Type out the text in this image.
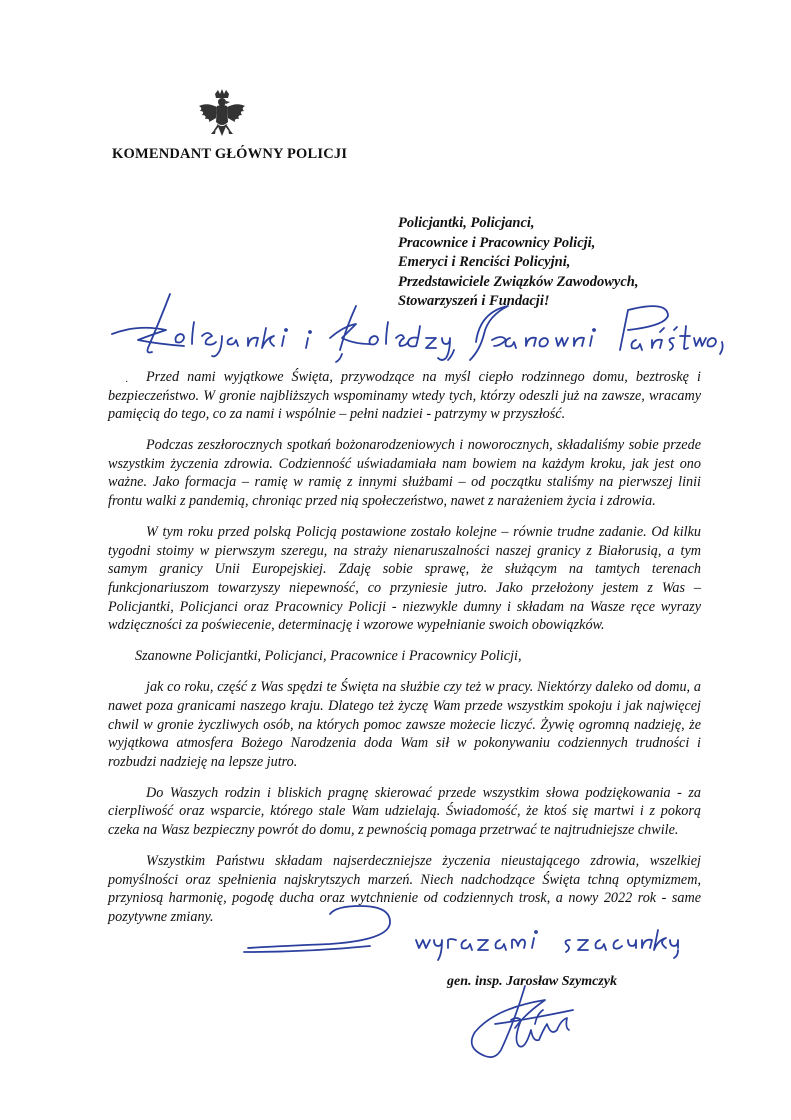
KOMENDANT GŁÓWNY POLICJI
Policjantki, Policjanci,
Pracownice i Pracownicy Policji,
Emeryci i Renciści Policyjni,
Przedstawiciele Związków Zawodowych,
Stowarzyszeń i Fundacji!
·	Przed nami wyjątkowe Święta, przywodzące na myśl ciepło rodzinnego domu, beztroskę i bezpieczeństwo. W gronie najbliższych wspominamy wtedy tych, którzy odeszli już na zawsze, wracamy pamięcią do tego, co za nami i wspólnie – pełni nadziei - patrzymy w przyszłość.

Podczas zeszłorocznych spotkań bożonarodzeniowych i noworocznych, składaliśmy sobie przede wszystkim życzenia zdrowia. Codzienność uświadamiała nam bowiem na każdym kroku, jak jest ono ważne. Jako formacja – ramię w ramię z innymi służbami – od początku staliśmy na pierwszej linii frontu walki z pandemią, chroniąc przed nią społeczeństwo, nawet z narażeniem życia i zdrowia.

W tym roku przed polską Policją postawione zostało kolejne – równie trudne zadanie. Od kilku tygodni stoimy w pierwszym szeregu, na straży nienaruszalności naszej granicy z Białorusią, a tym samym granicy Unii Europejskiej. Zdaję sobie sprawę, że służącym na tamtych terenach funkcjonariuszom towarzyszy niepewność, co przyniesie jutro. Jako przełożony jestem z Was – Policjantki, Policjanci oraz Pracownicy Policji - niezwykle dumny i składam na Wasze ręce wyrazy wdzięczności za poświecenie, determinację i wzorowe wypełnianie swoich obowiązków.

Szanowne Policjantki, Policjanci, Pracownice i Pracownicy Policji,

jak co roku, część z Was spędzi te Święta na służbie czy też w pracy. Niektórzy daleko od domu, a nawet poza granicami naszego kraju. Dlatego też życzę Wam przede wszystkim spokoju i jak najwięcej chwil w gronie życzliwych osób, na których pomoc zawsze możecie liczyć. Żywię ogromną nadzieję, że wyjątkowa atmosfera Bożego Narodzenia doda Wam sił w pokonywaniu codziennych trudności i rozbudzi nadzieję na lepsze jutro.

Do Waszych rodzin i bliskich pragnę skierować przede wszystkim słowa podziękowania - za cierpliwość oraz wsparcie, którego stale Wam udzielają. Świadomość, że ktoś się martwi i z pokorą czeka na Wasz bezpieczny powrót do domu, z pewnością pomaga przetrwać te najtrudniejsze chwile.

Wszystkim Państwu składam najserdeczniejsze życzenia nieustającego zdrowia, wszelkiej pomyślności oraz spełnienia najskrytszych marzeń. Niech nadchodzące Święta tchną optymizmem, przyniosą harmonię, pogodę ducha oraz wytchnienie od codziennych trosk, a nowy 2022 rok - same pozytywne zmiany.

gen. insp. Jarosław Szymczyk
